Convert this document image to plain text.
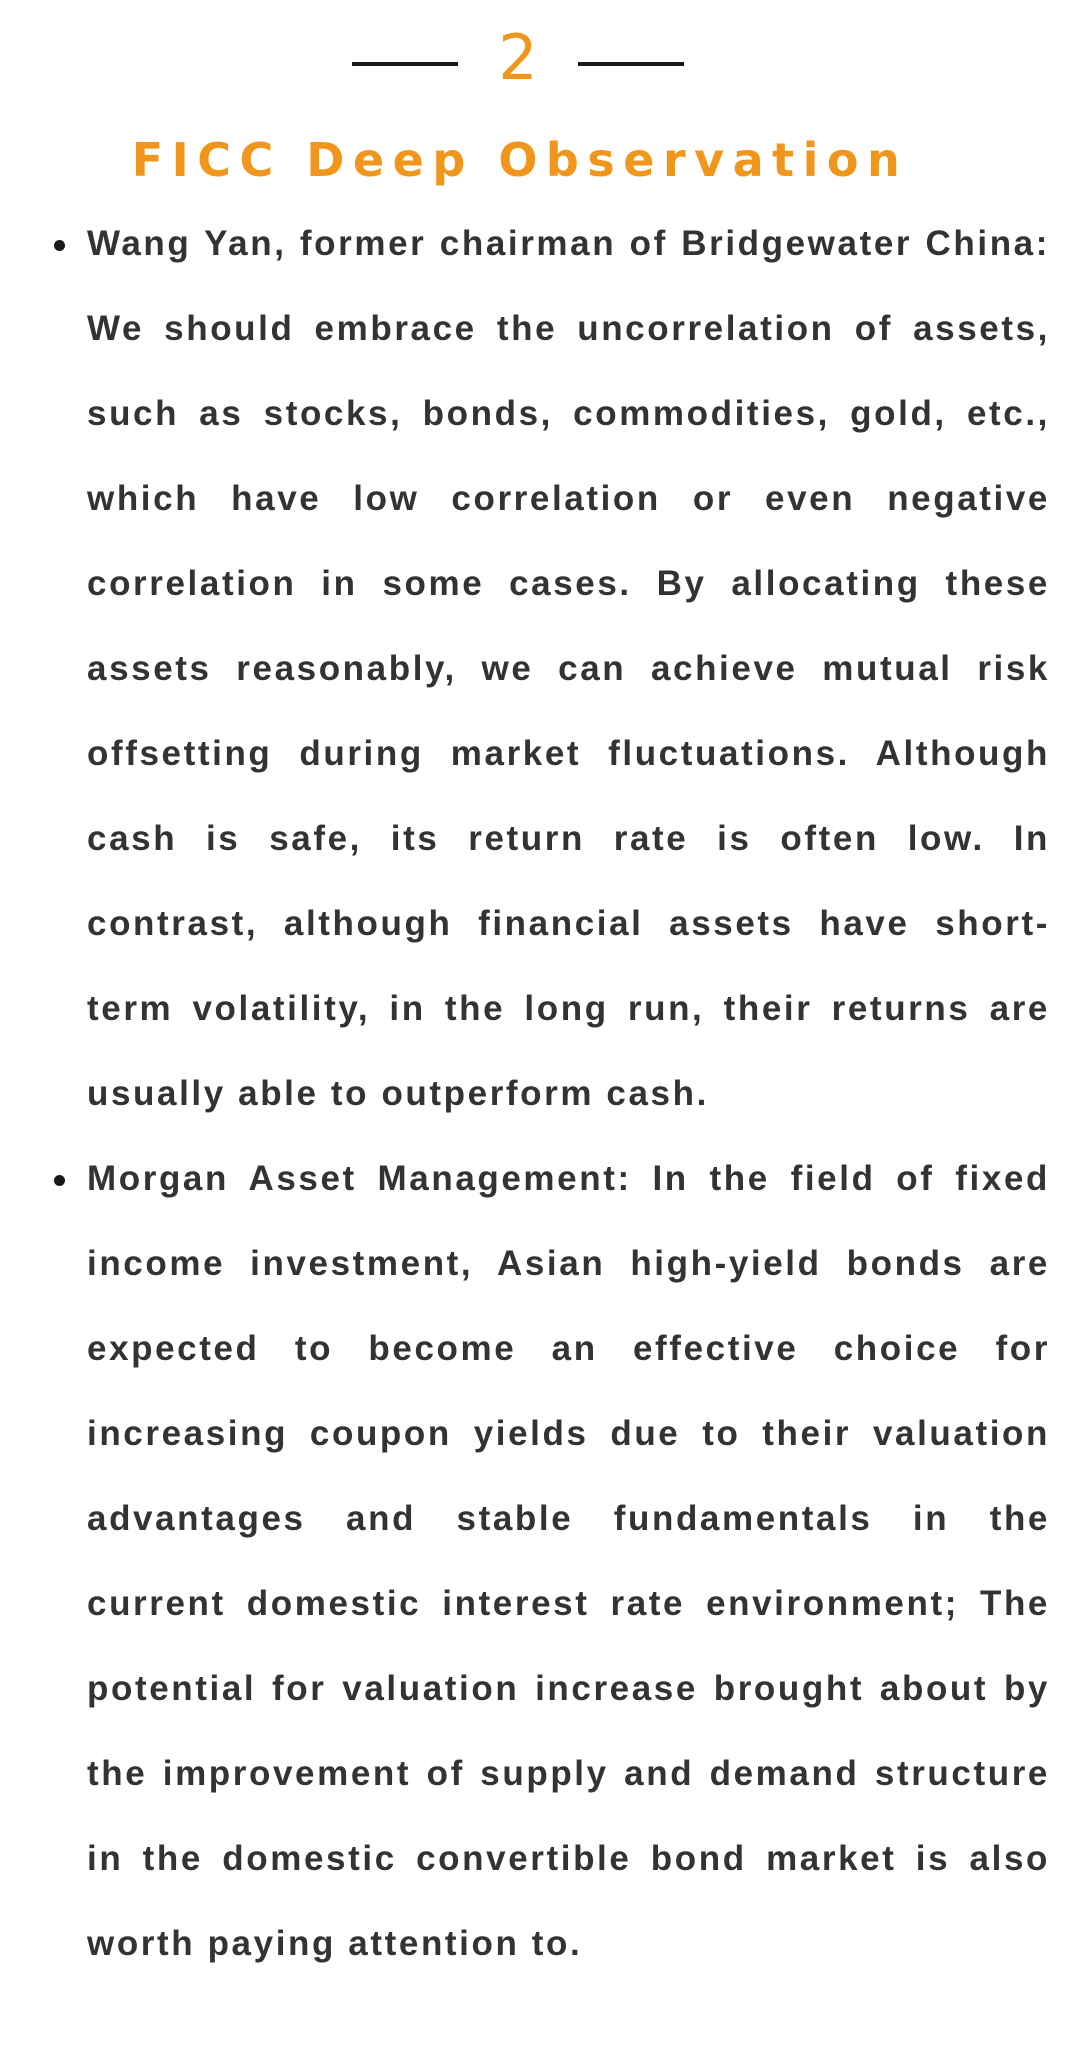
2
FICC Deep Observation

Wang Yan, former chairman of Bridgewater China: We should embrace the uncorrelation of assets, such as stocks, bonds, commodities, gold, etc., which have low correlation or even negative correlation in some cases. By allocating these assets reasonably, we can achieve mutual risk offsetting during market fluctuations. Although cash is safe, its return rate is often low. In contrast, although financial assets have short-term volatility, in the long run, their returns are usually able to outperform cash.

Morgan Asset Management: In the field of fixed income investment, Asian high-yield bonds are expected to become an effective choice for increasing coupon yields due to their valuation advantages and stable fundamentals in the current domestic interest rate environment; The potential for valuation increase brought about by the improvement of supply and demand structure in the domestic convertible bond market is also worth paying attention to.
